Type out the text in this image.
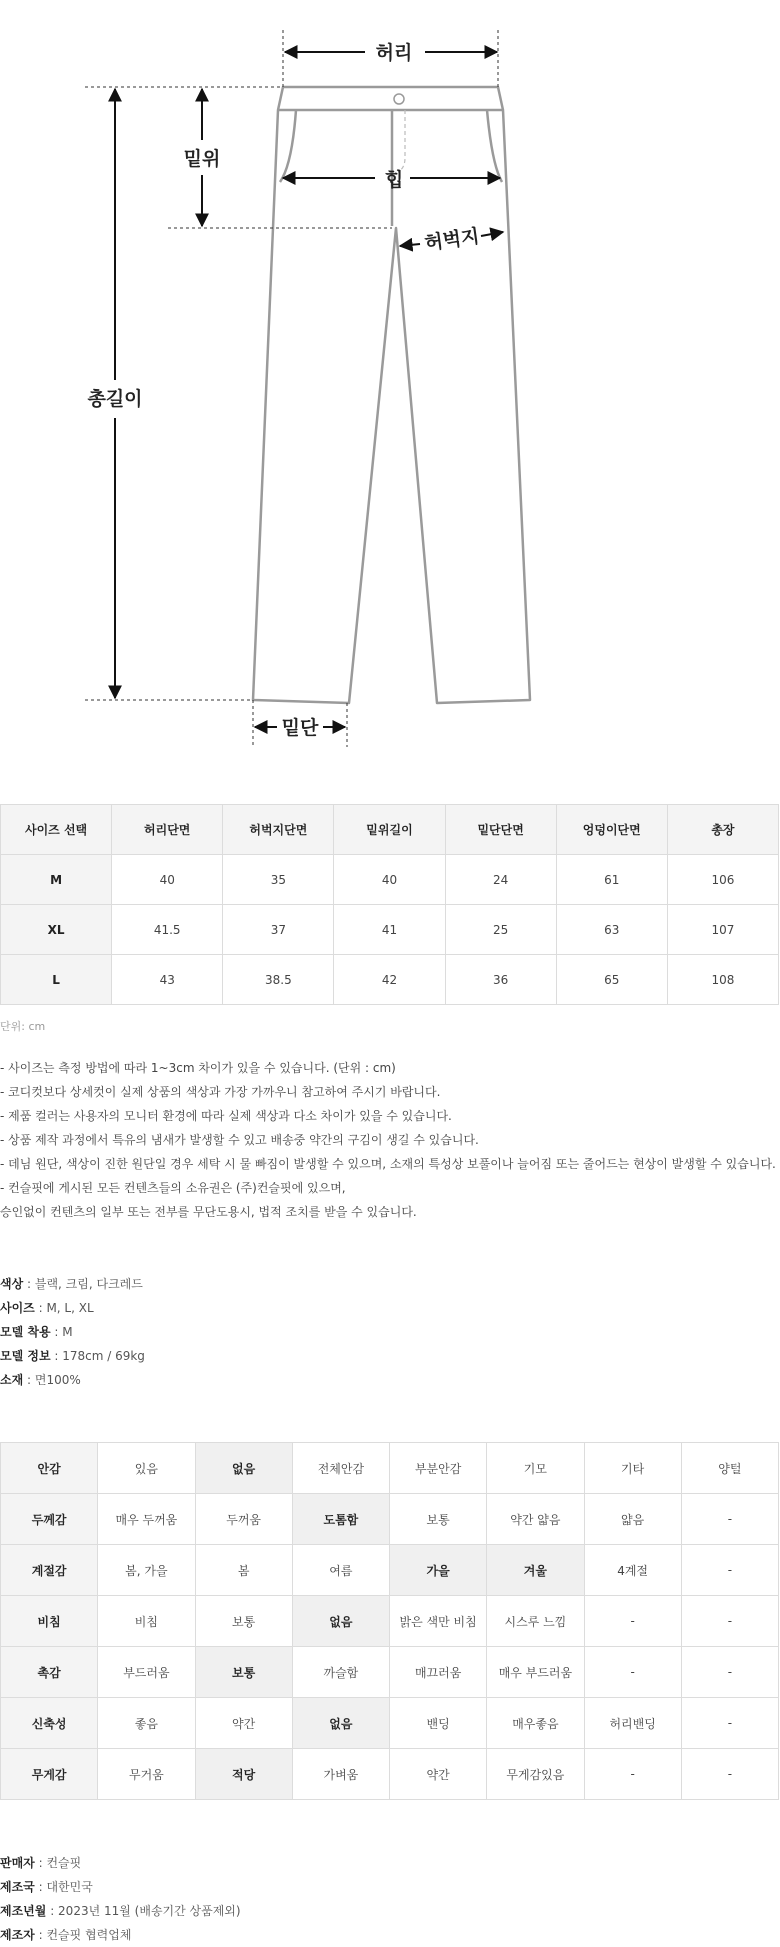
허리
밑위
힙
허벅지
총길이
밑단
사이즈 선택	허리단면	허벅지단면	밑위길이	밑단단면	엉덩이단면	총장
M	40	35	40	24	61	106
XL	41.5	37	41	25	63	107
L	43	38.5	42	36	65	108
단위: cm
- 사이즈는 측정 방법에 따라 1~3cm 차이가 있을 수 있습니다. (단위 : cm)
- 코디컷보다 상세컷이 실제 상품의 색상과 가장 가까우니 참고하여 주시기 바랍니다.
- 제품 컬러는 사용자의 모니터 환경에 따라 실제 색상과 다소 차이가 있을 수 있습니다.
- 상품 제작 과정에서 특유의 냄새가 발생할 수 있고 배송중 약간의 구김이 생길 수 있습니다.
- 데님 원단, 색상이 진한 원단일 경우 세탁 시 물 빠짐이 발생할 수 있으며, 소재의 특성상 보풀이나 늘어짐 또는 줄어드는 현상이 발생할 수 있습니다.
- 컨슬핏에 게시된 모든 컨텐츠들의 소유권은 (주)컨슬핏에 있으며,
승인없이 컨텐츠의 일부 또는 전부를 무단도용시, 법적 조치를 받을 수 있습니다.
색상 : 블랙, 크림, 다크레드
사이즈 : M, L, XL
모델 착용 : M
모델 정보 : 178cm / 69kg
소재 : 면100%
안감	있음	없음	전체안감	부분안감	기모	기타	양털
두께감	매우 두꺼움	두꺼움	도톰함	보통	약간 얇음	얇음	-
계절감	봄, 가을	봄	여름	가을	겨울	4계절	-
비침	비침	보통	없음	밝은 색만 비침	시스루 느낌	-	-
촉감	부드러움	보통	까슬함	매끄러움	매우 부드러움	-	-
신축성	좋음	약간	없음	밴딩	매우좋음	허리밴딩	-
무게감	무거움	적당	가벼움	약간	무게감있음	-	-
판매자 : 컨슬핏
제조국 : 대한민국
제조년월 : 2023년 11월 (배송기간 상품제외)
제조자 : 컨슬핏 협력업체
